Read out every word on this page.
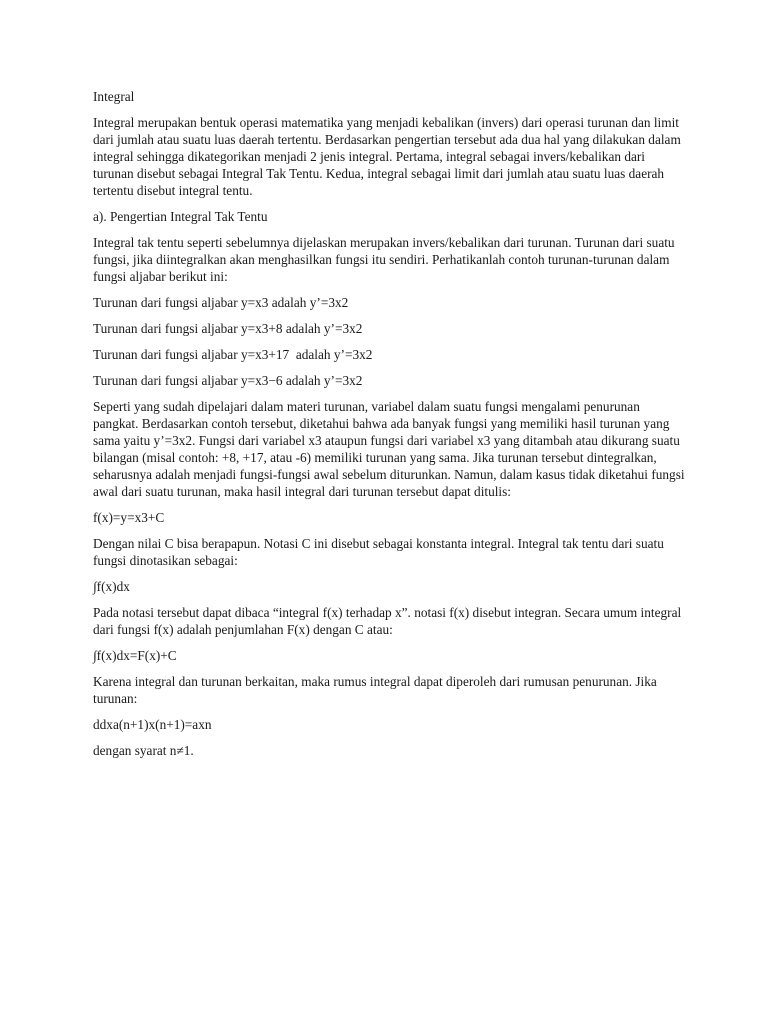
Integral

Integral merupakan bentuk operasi matematika yang menjadi kebalikan (invers) dari operasi turunan dan limit dari jumlah atau suatu luas daerah tertentu. Berdasarkan pengertian tersebut ada dua hal yang dilakukan dalam integral sehingga dikategorikan menjadi 2 jenis integral. Pertama, integral sebagai invers/kebalikan dari turunan disebut sebagai Integral Tak Tentu. Kedua, integral sebagai limit dari jumlah atau suatu luas daerah tertentu disebut integral tentu.

a). Pengertian Integral Tak Tentu

Integral tak tentu seperti sebelumnya dijelaskan merupakan invers/kebalikan dari turunan. Turunan dari suatu fungsi, jika diintegralkan akan menghasilkan fungsi itu sendiri. Perhatikanlah contoh turunan-turunan dalam fungsi aljabar berikut ini:

Turunan dari fungsi aljabar y=x3 adalah y’=3x2

Turunan dari fungsi aljabar y=x3+8 adalah y’=3x2

Turunan dari fungsi aljabar y=x3+17  adalah y’=3x2

Turunan dari fungsi aljabar y=x3−6 adalah y’=3x2

Seperti yang sudah dipelajari dalam materi turunan, variabel dalam suatu fungsi mengalami penurunan pangkat. Berdasarkan contoh tersebut, diketahui bahwa ada banyak fungsi yang memiliki hasil turunan yang sama yaitu y’=3x2. Fungsi dari variabel x3 ataupun fungsi dari variabel x3 yang ditambah atau dikurang suatu bilangan (misal contoh: +8, +17, atau -6) memiliki turunan yang sama. Jika turunan tersebut dintegralkan, seharusnya adalah menjadi fungsi-fungsi awal sebelum diturunkan. Namun, dalam kasus tidak diketahui fungsi awal dari suatu turunan, maka hasil integral dari turunan tersebut dapat ditulis:

f(x)=y=x3+C

Dengan nilai C bisa berapapun. Notasi C ini disebut sebagai konstanta integral. Integral tak tentu dari suatu fungsi dinotasikan sebagai:

∫f(x)dx

Pada notasi tersebut dapat dibaca “integral f(x) terhadap x”. notasi f(x) disebut integran. Secara umum integral dari fungsi f(x) adalah penjumlahan F(x) dengan C atau:

∫f(x)dx=F(x)+C

Karena integral dan turunan berkaitan, maka rumus integral dapat diperoleh dari rumusan penurunan. Jika turunan:

ddxa(n+1)x(n+1)=axn

dengan syarat n≠1.
